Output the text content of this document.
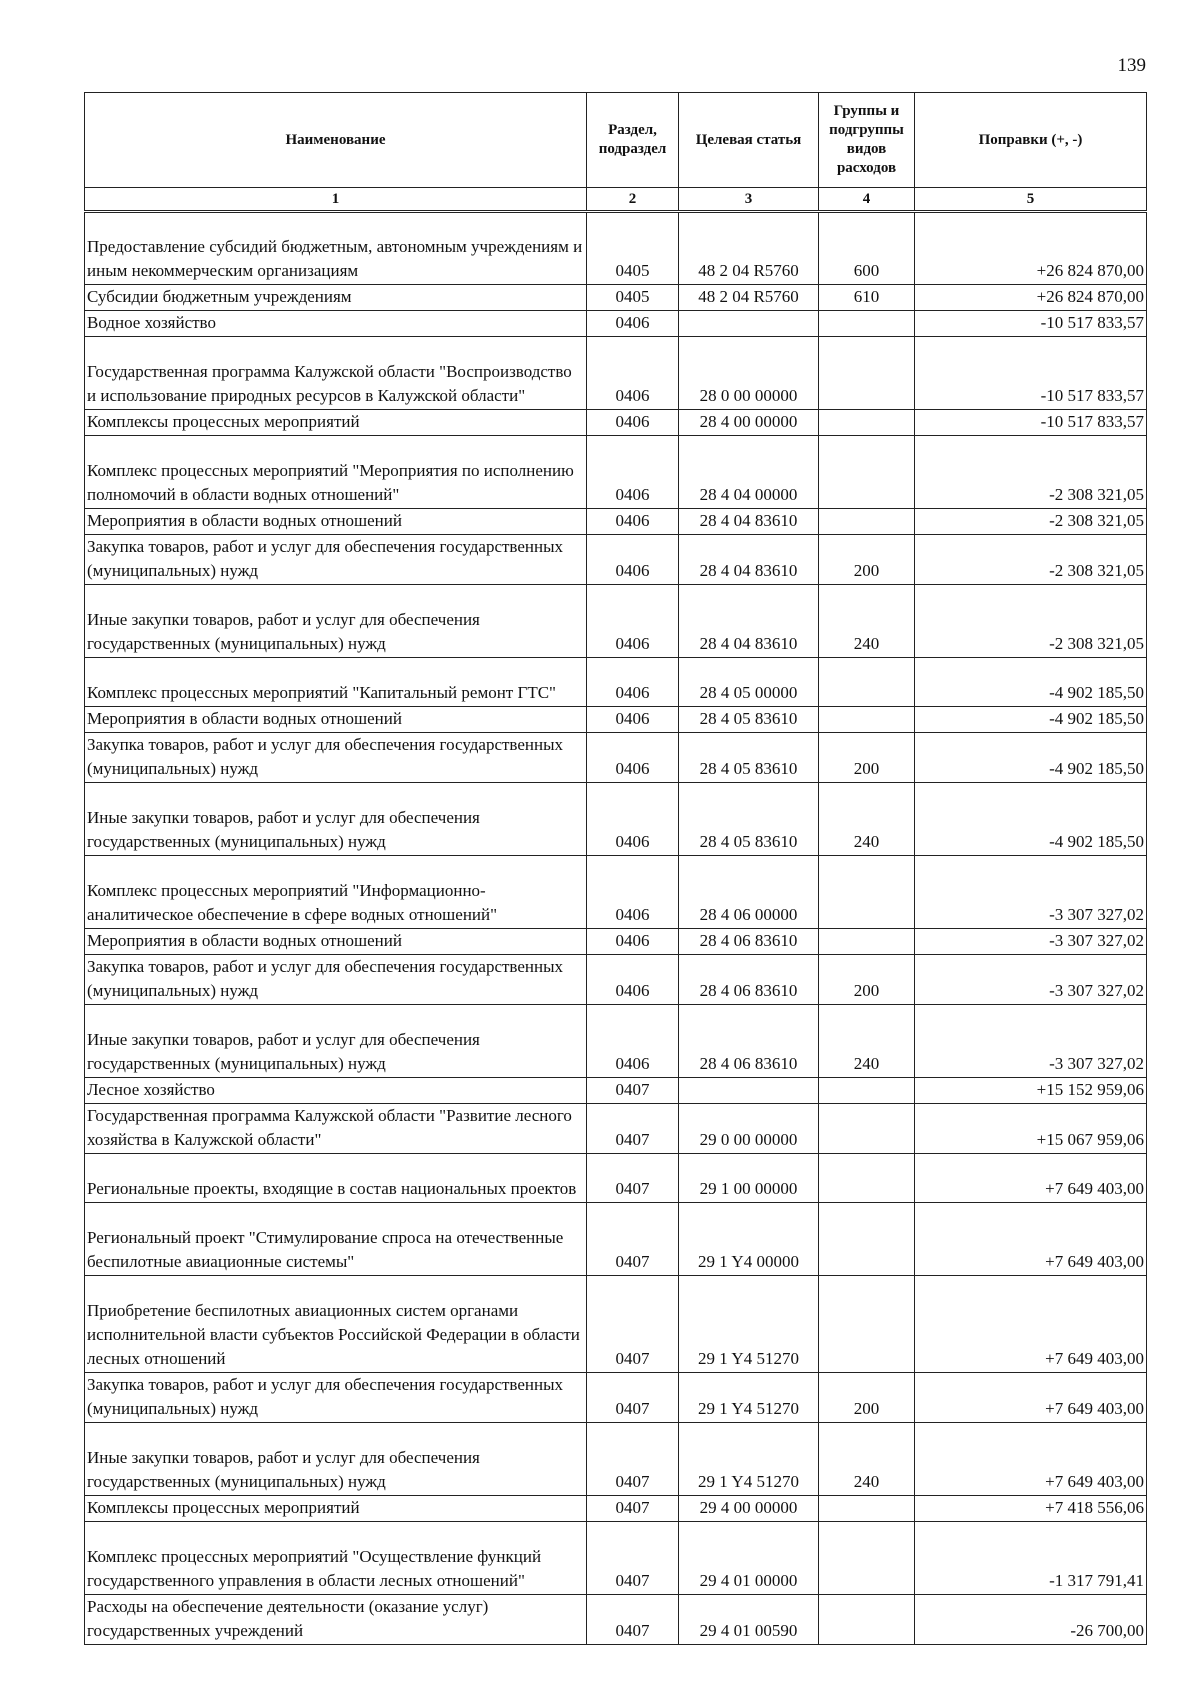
139
Наименование	Раздел, подраздел	Целевая статья	Группы и подгруппы видов расходов	Поправки (+, -)
1	2	3	4	5
Предоставление субсидий бюджетным, автономным учреждениям и иным некоммерческим организациям	0405	48 2 04 R5760	600	+26 824 870,00
Субсидии бюджетным учреждениям	0405	48 2 04 R5760	610	+26 824 870,00
Водное хозяйство	0406			-10 517 833,57
Государственная программа Калужской области "Воспроизводство и использование природных ресурсов в Калужской области"	0406	28 0 00 00000		-10 517 833,57
Комплексы процессных мероприятий	0406	28 4 00 00000		-10 517 833,57
Комплекс процессных мероприятий "Мероприятия по исполнению полномочий в области водных отношений"	0406	28 4 04 00000		-2 308 321,05
Мероприятия в области водных отношений	0406	28 4 04 83610		-2 308 321,05
Закупка товаров, работ и услуг для обеспечения государственных (муниципальных) нужд	0406	28 4 04 83610	200	-2 308 321,05
Иные закупки товаров, работ и услуг для обеспечения государственных (муниципальных) нужд	0406	28 4 04 83610	240	-2 308 321,05
Комплекс процессных мероприятий "Капитальный ремонт ГТС"	0406	28 4 05 00000		-4 902 185,50
Мероприятия в области водных отношений	0406	28 4 05 83610		-4 902 185,50
Закупка товаров, работ и услуг для обеспечения государственных (муниципальных) нужд	0406	28 4 05 83610	200	-4 902 185,50
Иные закупки товаров, работ и услуг для обеспечения государственных (муниципальных) нужд	0406	28 4 05 83610	240	-4 902 185,50
Комплекс процессных мероприятий "Информационно-аналитическое обеспечение в сфере водных отношений"	0406	28 4 06 00000		-3 307 327,02
Мероприятия в области водных отношений	0406	28 4 06 83610		-3 307 327,02
Закупка товаров, работ и услуг для обеспечения государственных (муниципальных) нужд	0406	28 4 06 83610	200	-3 307 327,02
Иные закупки товаров, работ и услуг для обеспечения государственных (муниципальных) нужд	0406	28 4 06 83610	240	-3 307 327,02
Лесное хозяйство	0407			+15 152 959,06
Государственная программа Калужской области "Развитие лесного хозяйства в Калужской области"	0407	29 0 00 00000		+15 067 959,06
Региональные проекты, входящие в состав национальных проектов	0407	29 1 00 00000		+7 649 403,00
Региональный проект "Стимулирование спроса на отечественные беспилотные авиационные системы"	0407	29 1 Y4 00000		+7 649 403,00
Приобретение беспилотных авиационных систем органами исполнительной власти субъектов Российской Федерации в области лесных отношений	0407	29 1 Y4 51270		+7 649 403,00
Закупка товаров, работ и услуг для обеспечения государственных (муниципальных) нужд	0407	29 1 Y4 51270	200	+7 649 403,00
Иные закупки товаров, работ и услуг для обеспечения государственных (муниципальных) нужд	0407	29 1 Y4 51270	240	+7 649 403,00
Комплексы процессных мероприятий	0407	29 4 00 00000		+7 418 556,06
Комплекс процессных мероприятий "Осуществление функций государственного управления в области лесных отношений"	0407	29 4 01 00000		-1 317 791,41
Расходы на обеспечение деятельности (оказание услуг) государственных учреждений	0407	29 4 01 00590		-26 700,00
